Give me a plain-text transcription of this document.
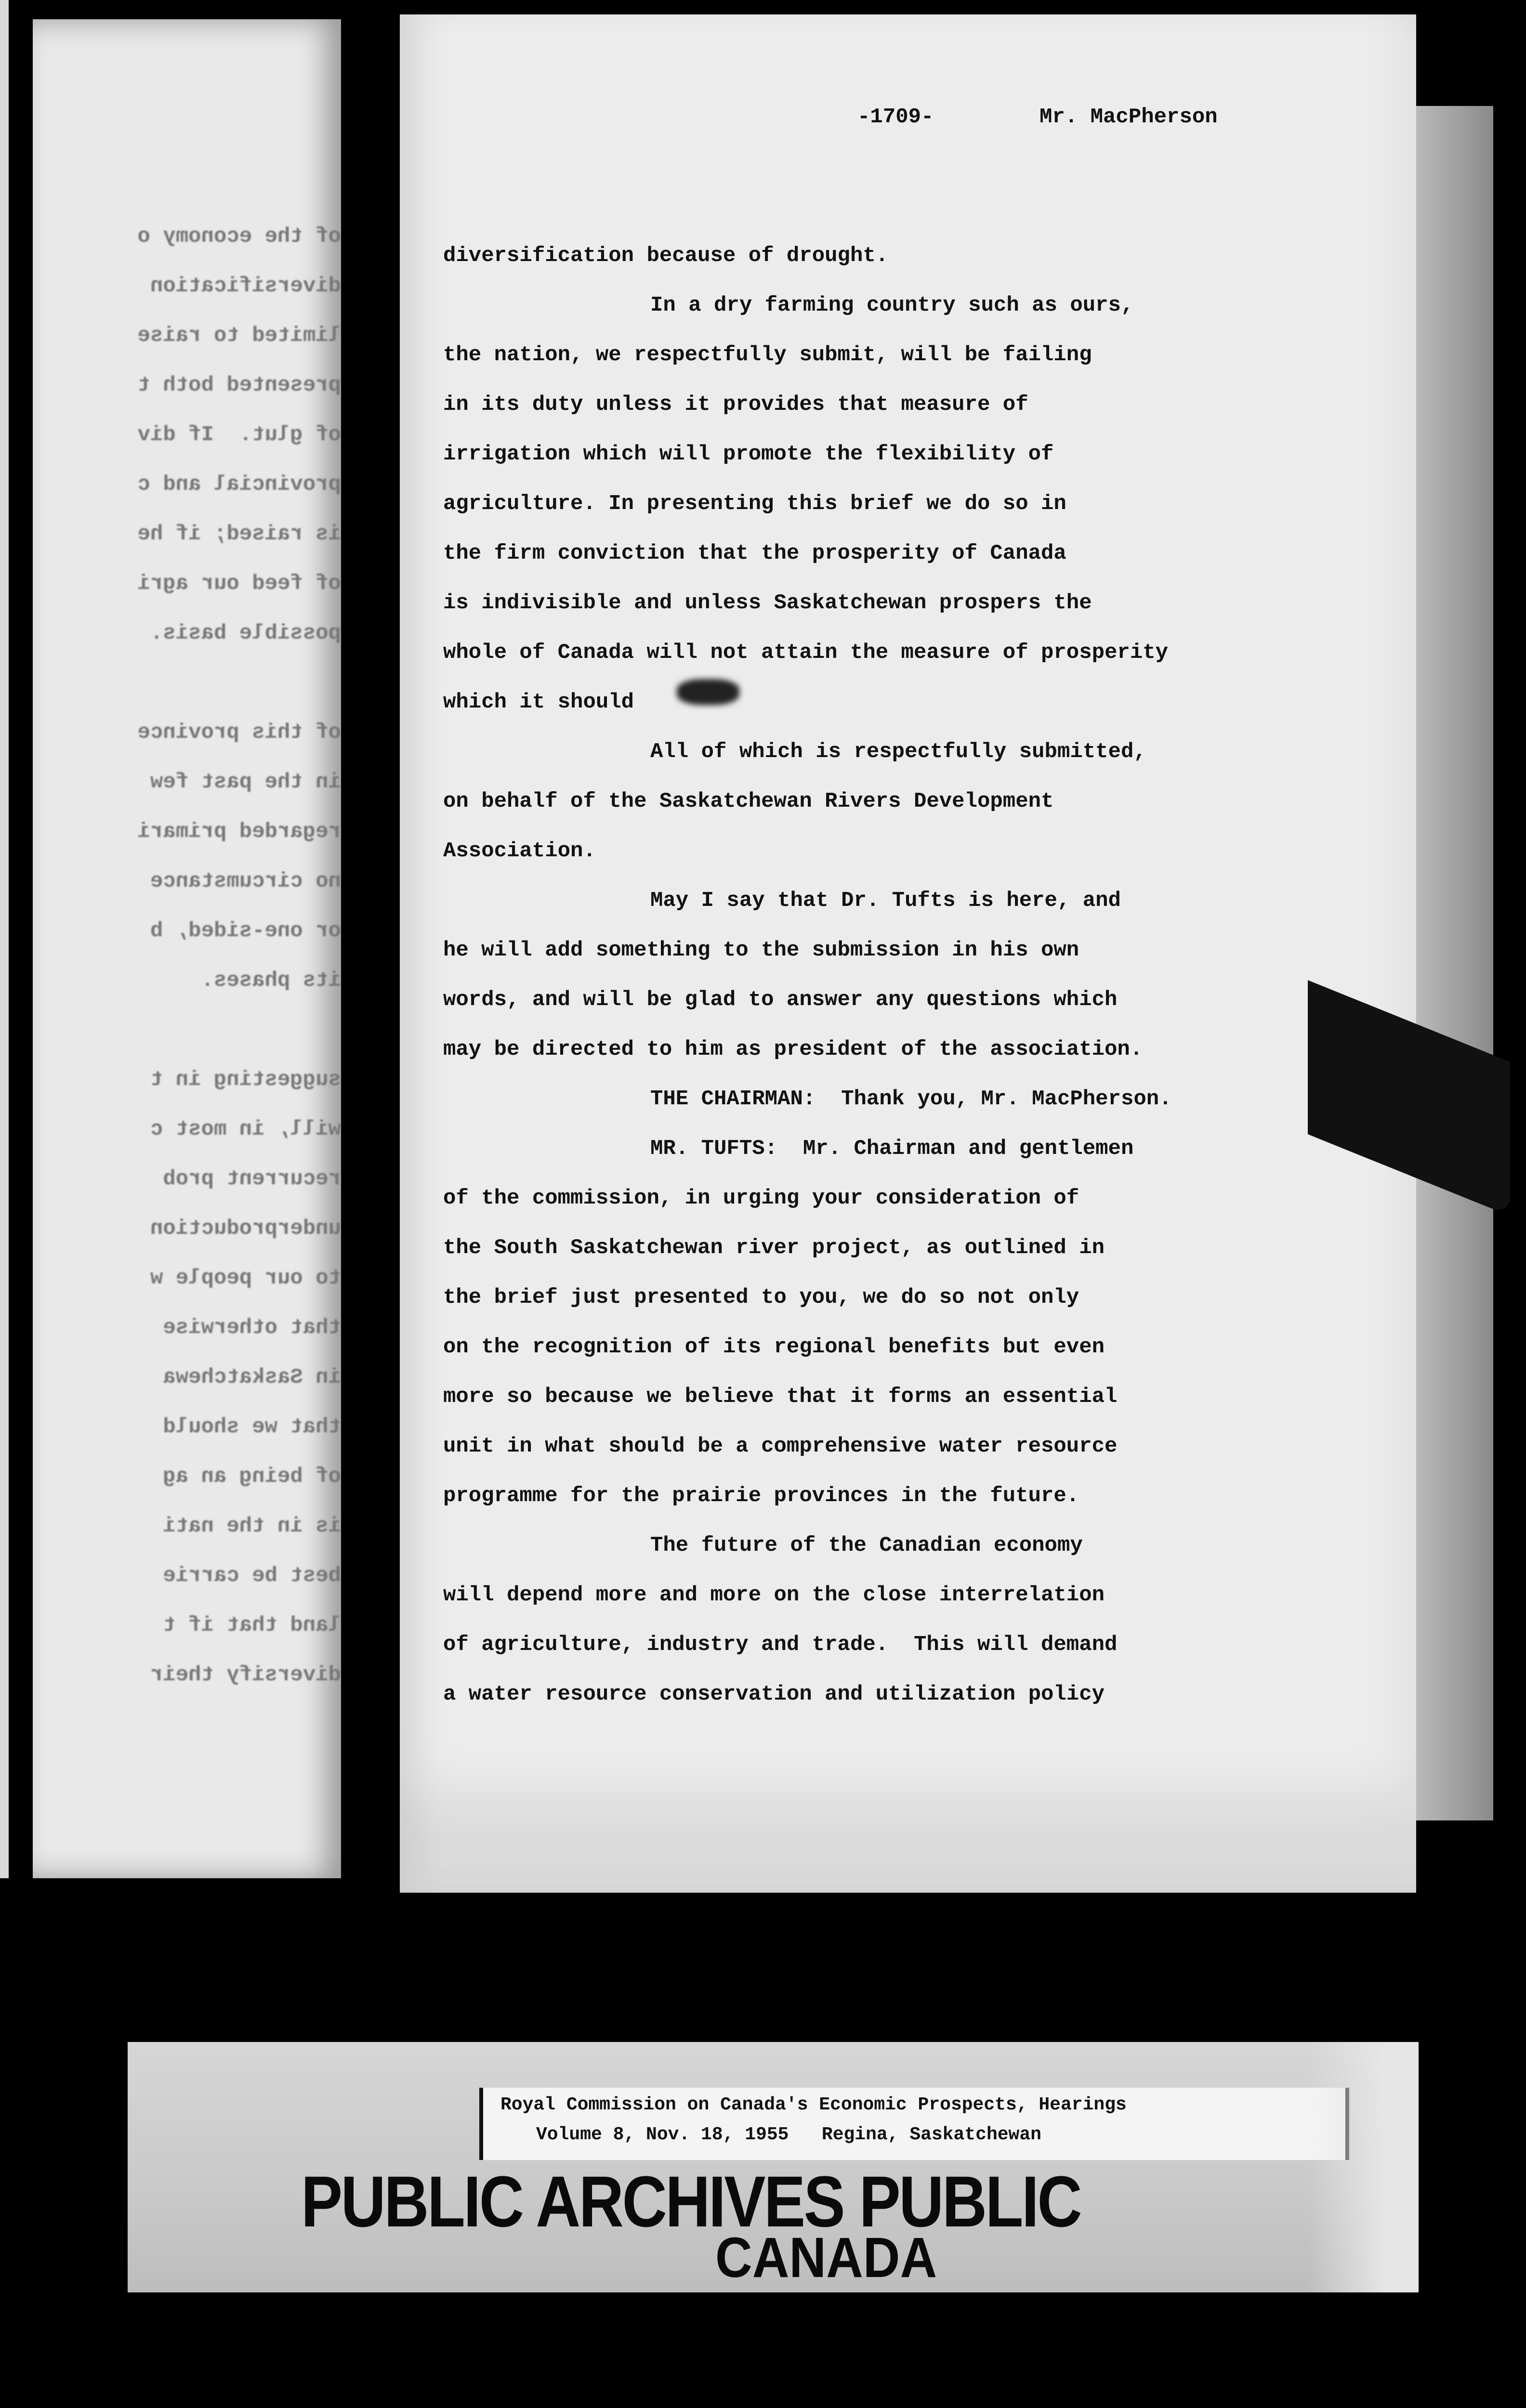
of the economy o
diversification
limited to raise
presented both t
of glut.  If div
provincial and c
is raised; if he
of feed our agri
possible basis.
of this province
in the past few
regarded primari
no circumstance
or one-sided, b
its phases.
suggesting in t
will, in most c
recurrent prob
underproduction
to our people w
that otherwise
in Saskatchewa
that we should
of being an ag
is in the nati
best be carrie
land that if t
diversify their
-1709-	Mr. MacPherson
diversification because of drought.
In a dry farming country such as ours,
the nation, we respectfully submit, will be failing
in its duty unless it provides that measure of
irrigation which will promote the flexibility of
agriculture. In presenting this brief we do so in
the firm conviction that the prosperity of Canada
is indivisible and unless Saskatchewan prospers the
whole of Canada will not attain the measure of prosperity
which it should
All of which is respectfully submitted,
on behalf of the Saskatchewan Rivers Development
Association.
May I say that Dr. Tufts is here, and
he will add something to the submission in his own
words, and will be glad to answer any questions which
may be directed to him as president of the association.
THE CHAIRMAN:  Thank you, Mr. MacPherson.
MR. TUFTS:  Mr. Chairman and gentlemen
of the commission, in urging your consideration of
the South Saskatchewan river project, as outlined in
the brief just presented to you, we do so not only
on the recognition of its regional benefits but even
more so because we believe that it forms an essential
unit in what should be a comprehensive water resource
programme for the prairie provinces in the future.
The future of the Canadian economy
will depend more and more on the close interrelation
of agriculture, industry and trade.  This will demand
a water resource conservation and utilization policy
Royal Commission on Canada's Economic Prospects, Hearings
Volume 8, Nov. 18, 1955   Regina, Saskatchewan
PUBLIC ARCHIVES PUBLIC
CANADA
